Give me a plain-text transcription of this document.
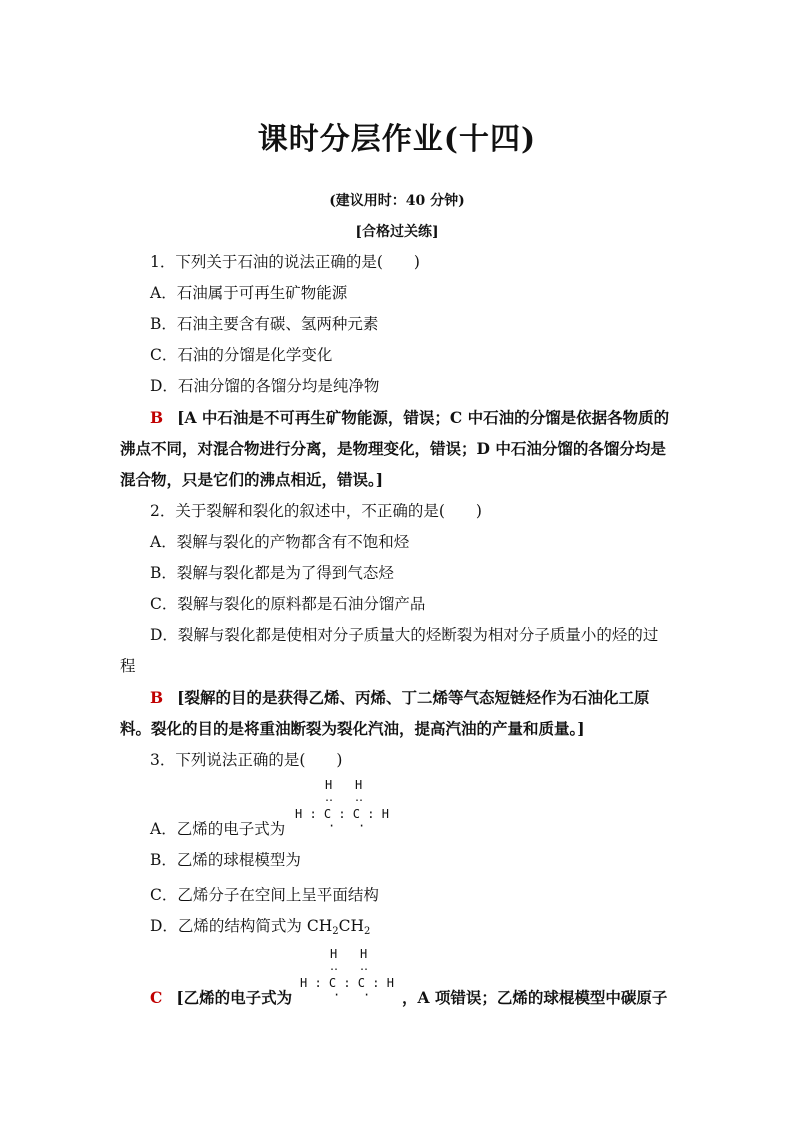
课时分层作业(十四)
(建议用时：40 分钟)
[合格过关练]
1．下列关于石油的说法正确的是(　　)
A．石油属于可再生矿物能源
B．石油主要含有碳、氢两种元素
C．石油的分馏是化学变化
D．石油分馏的各馏分均是纯净物
B [A 中石油是不可再生矿物能源，错误；C 中石油的分馏是依据各物质的
沸点不同，对混合物进行分离，是物理变化，错误；D 中石油分馏的各馏分均是
混合物，只是它们的沸点相近，错误。]
2．关于裂解和裂化的叙述中，不正确的是(　　)
A．裂解与裂化的产物都含有不饱和烃
B．裂解与裂化都是为了得到气态烃
C．裂解与裂化的原料都是石油分馏产品
D．裂解与裂化都是使相对分子质量大的烃断裂为相对分子质量小的烃的过
程
B [裂解的目的是获得乙烯、丙烯、丁二烯等气态短链烃作为石油化工原
料。裂化的目的是将重油断裂为裂化汽油，提高汽油的产量和质量。]
3．下列说法正确的是(　　)
A．乙烯的电子式为
H H
‥ ‥
H : C : C : H
· ·
B．乙烯的球棍模型为
C．乙烯分子在空间上呈平面结构
D．乙烯的结构简式为 $CH_2CH_2$
C [乙烯的电子式为
H H
‥ ‥
H : C : C : H
· · ，A 项错误；乙烯的球棍模型中碳原子
